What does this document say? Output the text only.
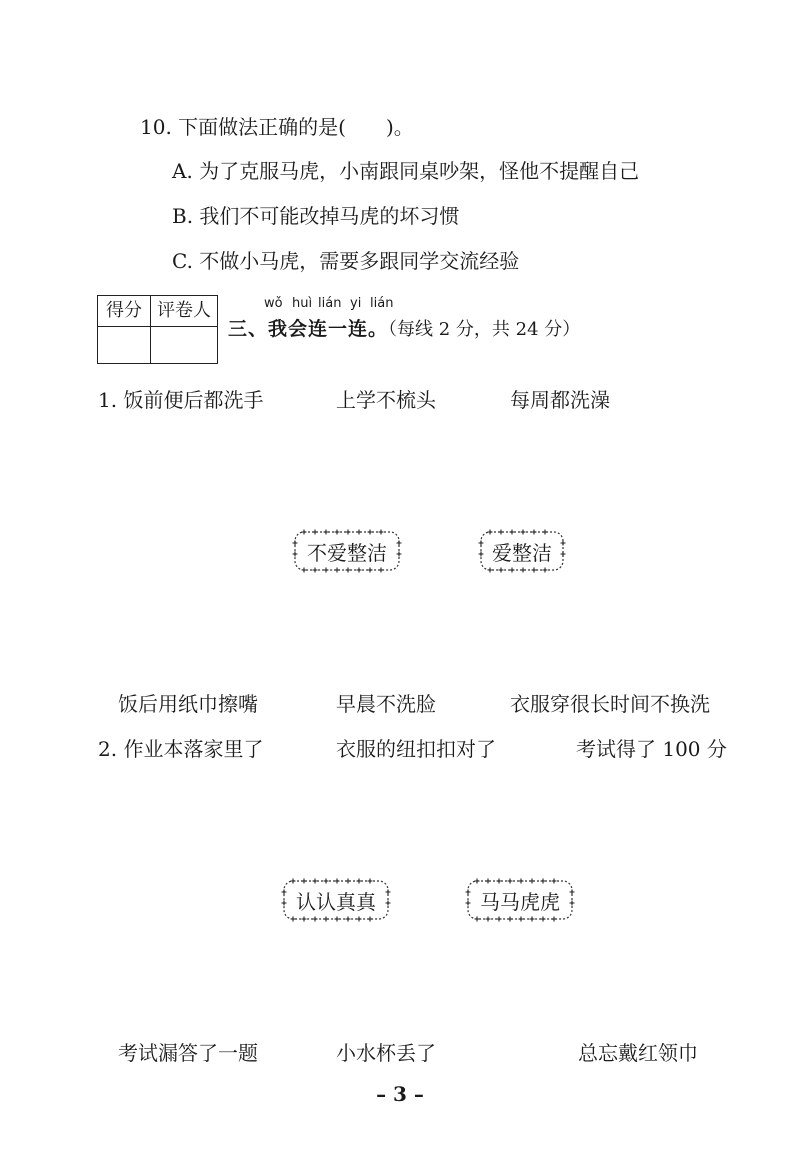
10. 下面做法正确的是(　　)。
A. 为了克服马虎，小南跟同桌吵架，怪他不提醒自己
B. 我们不可能改掉马虎的坏习惯
C. 不做小马虎，需要多跟同学交流经验
得分	评卷人
		wǒ huì lián yi lián
三、我会连一连。（每线 2 分，共 24 分）
1. 饭前便后都洗手	上学不梳头	每周都洗澡
不爱整洁	爱整洁
饭后用纸巾擦嘴	早晨不洗脸	衣服穿很长时间不换洗
2. 作业本落家里了	衣服的纽扣扣对了	考试得了 100 分
认认真真	马马虎虎
考试漏答了一题	小水杯丢了	总忘戴红领巾
– 3 –
